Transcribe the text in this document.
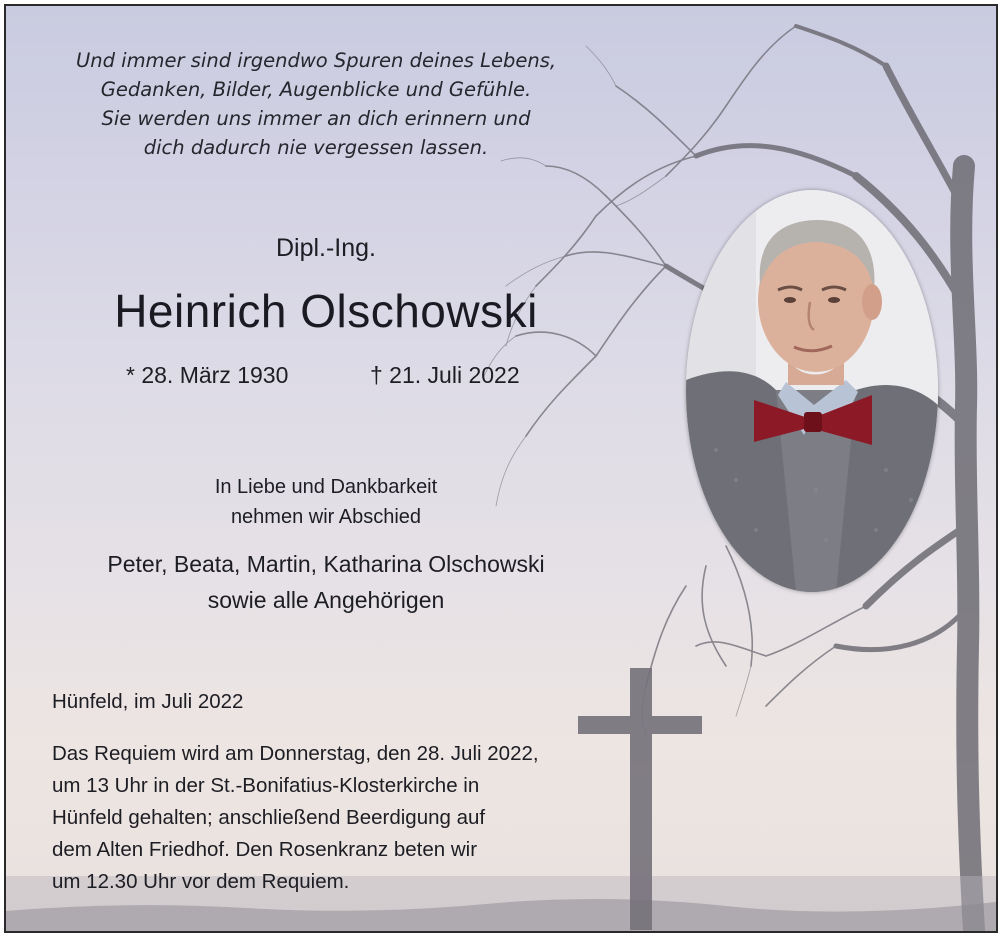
Und immer sind irgendwo Spuren deines Lebens,
Gedanken, Bilder, Augenblicke und Gefühle.
Sie werden uns immer an dich erinnern und
dich dadurch nie vergessen lassen.
Dipl.-Ing.
Heinrich Olschowski
* 28. März 1930	† 21. Juli 2022
In Liebe und Dankbarkeit
nehmen wir Abschied
Peter, Beata, Martin, Katharina Olschowski
sowie alle Angehörigen
Hünfeld, im Juli 2022
Das Requiem wird am Donnerstag, den 28. Juli 2022,
um 13 Uhr in der St.-Bonifatius-Klosterkirche in
Hünfeld gehalten; anschließend Beerdigung auf
dem Alten Friedhof. Den Rosenkranz beten wir
um 12.30 Uhr vor dem Requiem.
